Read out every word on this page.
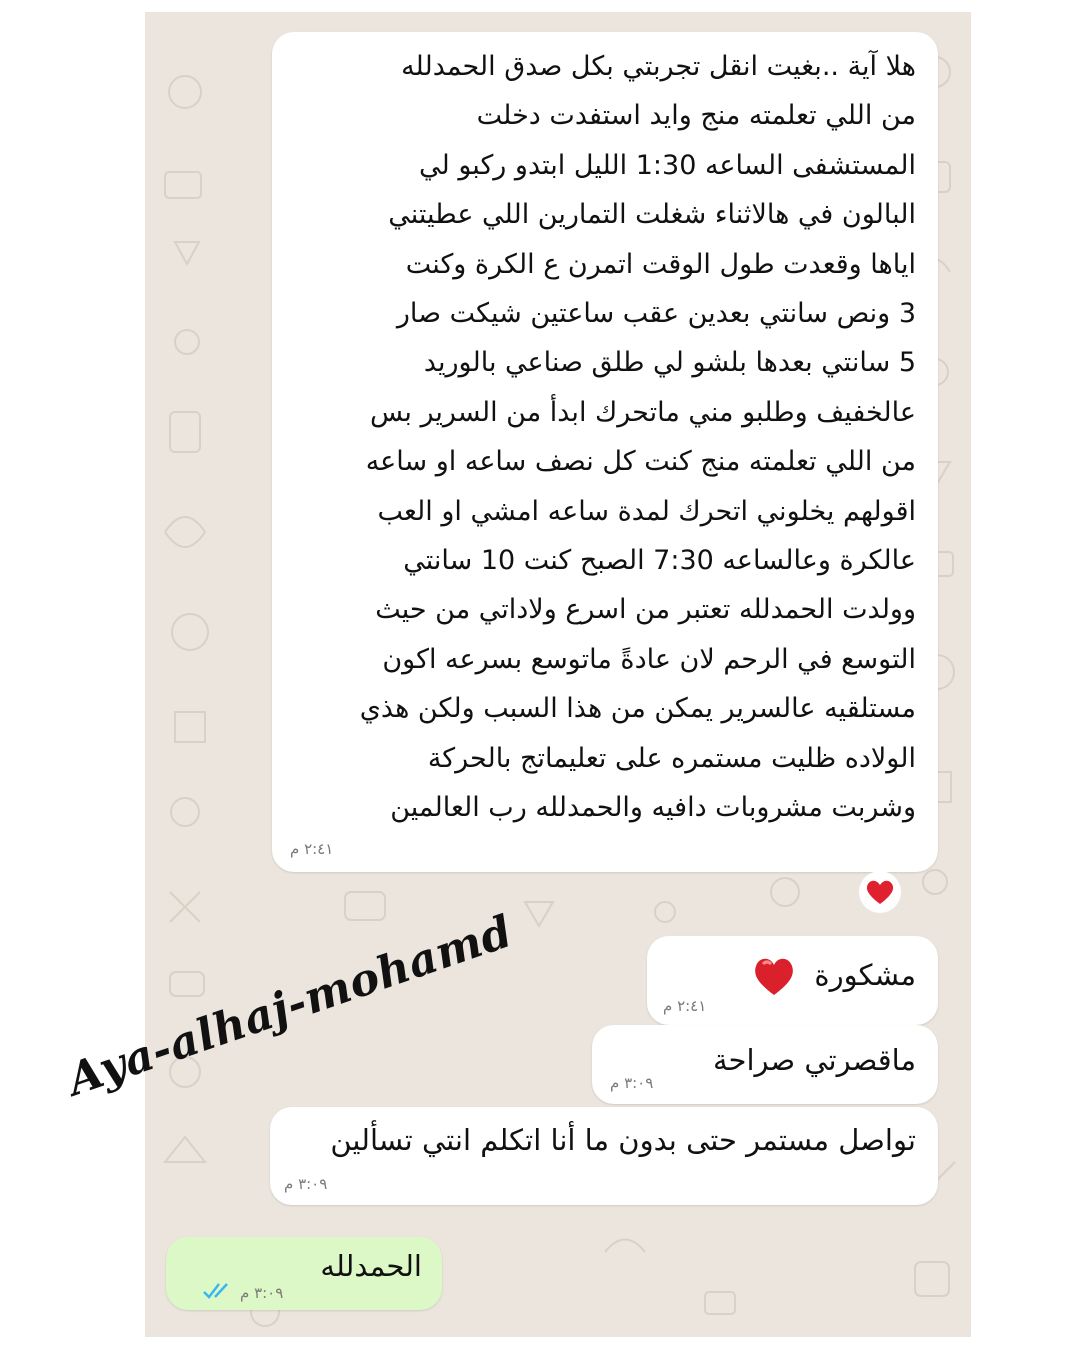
هلا آية ..بغيت انقل تجربتي بكل صدق الحمدلله
من اللي تعلمته منج وايد استفدت دخلت
المستشفى الساعه 1:30 الليل ابتدو ركبو لي
البالون في هالاثناء شغلت التمارين اللي عطيتني
اياها وقعدت طول الوقت اتمرن ع الكرة وكنت
3 ونص سانتي بعدين عقب ساعتين شيكت صار
5 سانتي بعدها بلشو لي طلق صناعي بالوريد
عالخفيف وطلبو مني ماتحرك ابدأ من السرير بس
من اللي تعلمته منج كنت كل نصف ساعه او ساعه
اقولهم يخلوني اتحرك لمدة ساعه امشي او العب
عالكرة وعالساعه 7:30 الصبح كنت 10 سانتي
وولدت الحمدلله تعتبر من اسرع ولاداتي من حيث
التوسع في الرحم لان عادةً ماتوسع بسرعه اكون
مستلقيه عالسرير يمكن من هذا السبب ولكن هذي
الولاده ظليت مستمره على تعليماتج بالحركة
وشربت مشروبات دافيه والحمدلله رب العالمين
٢:٤١ م
مشكورة
٢:٤١ م
ماقصرتي صراحة
٣:٠٩ م
تواصل مستمر حتى بدون ما أنا اتكلم انتي تسألين
٣:٠٩ م
الحمدلله
٣:٠٩ م
Aya-alhaj-mohamd
